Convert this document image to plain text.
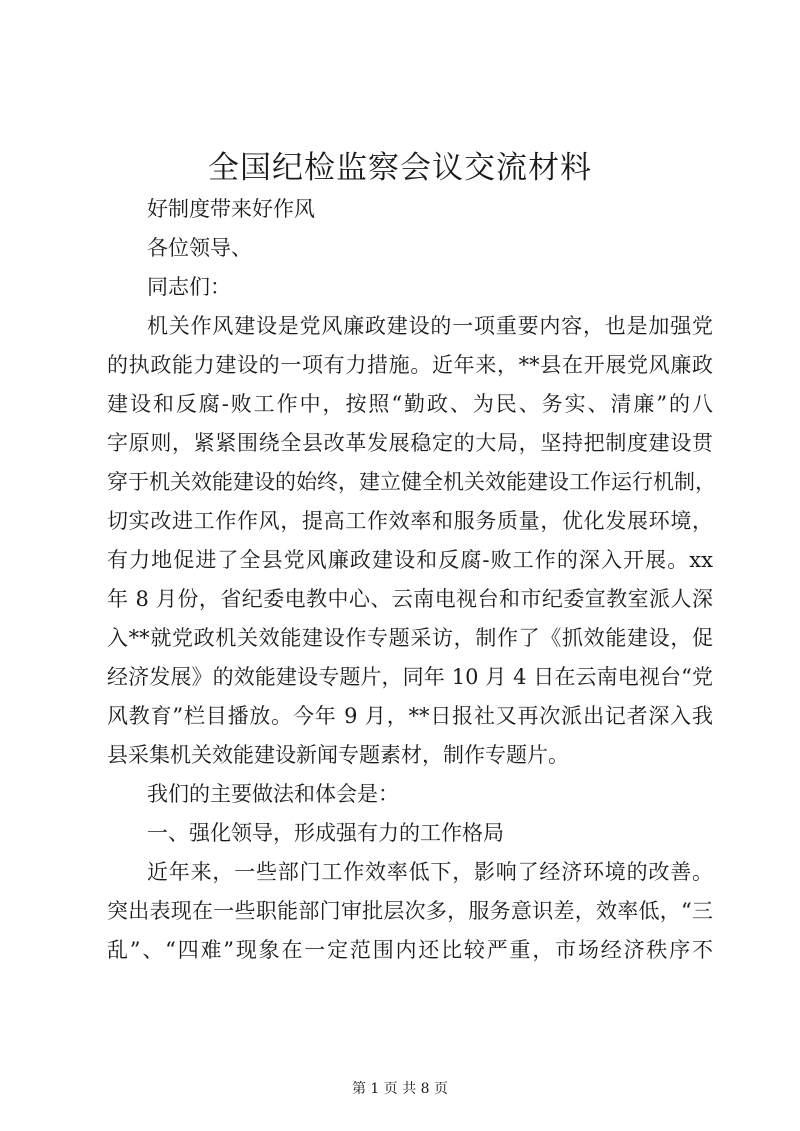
全国纪检监察会议交流材料
好制度带来好作风
各位领导、
同志们：
机关作风建设是党风廉政建设的一项重要内容，也是加强党
的执政能力建设的一项有力措施。近年来，**县在开展党风廉政
建设和反腐-败工作中，按照“勤政、为民、务实、清廉”的八
字原则，紧紧围绕全县改革发展稳定的大局，坚持把制度建设贯
穿于机关效能建设的始终，建立健全机关效能建设工作运行机制，
切实改进工作作风，提高工作效率和服务质量，优化发展环境，
有力地促进了全县党风廉政建设和反腐-败工作的深入开展。xx
年 8 月份，省纪委电教中心、云南电视台和市纪委宣教室派人深
入**就党政机关效能建设作专题采访，制作了《抓效能建设，促
经济发展》的效能建设专题片，同年 10 月 4 日在云南电视台“党
风教育”栏目播放。今年 9 月，**日报社又再次派出记者深入我
县采集机关效能建设新闻专题素材，制作专题片。
我们的主要做法和体会是：
一、强化领导，形成强有力的工作格局
近年来，一些部门工作效率低下，影响了经济环境的改善。
突出表现在一些职能部门审批层次多，服务意识差，效率低，“三
乱”、“四难”现象在一定范围内还比较严重，市场经济秩序不
第 1 页 共 8 页
